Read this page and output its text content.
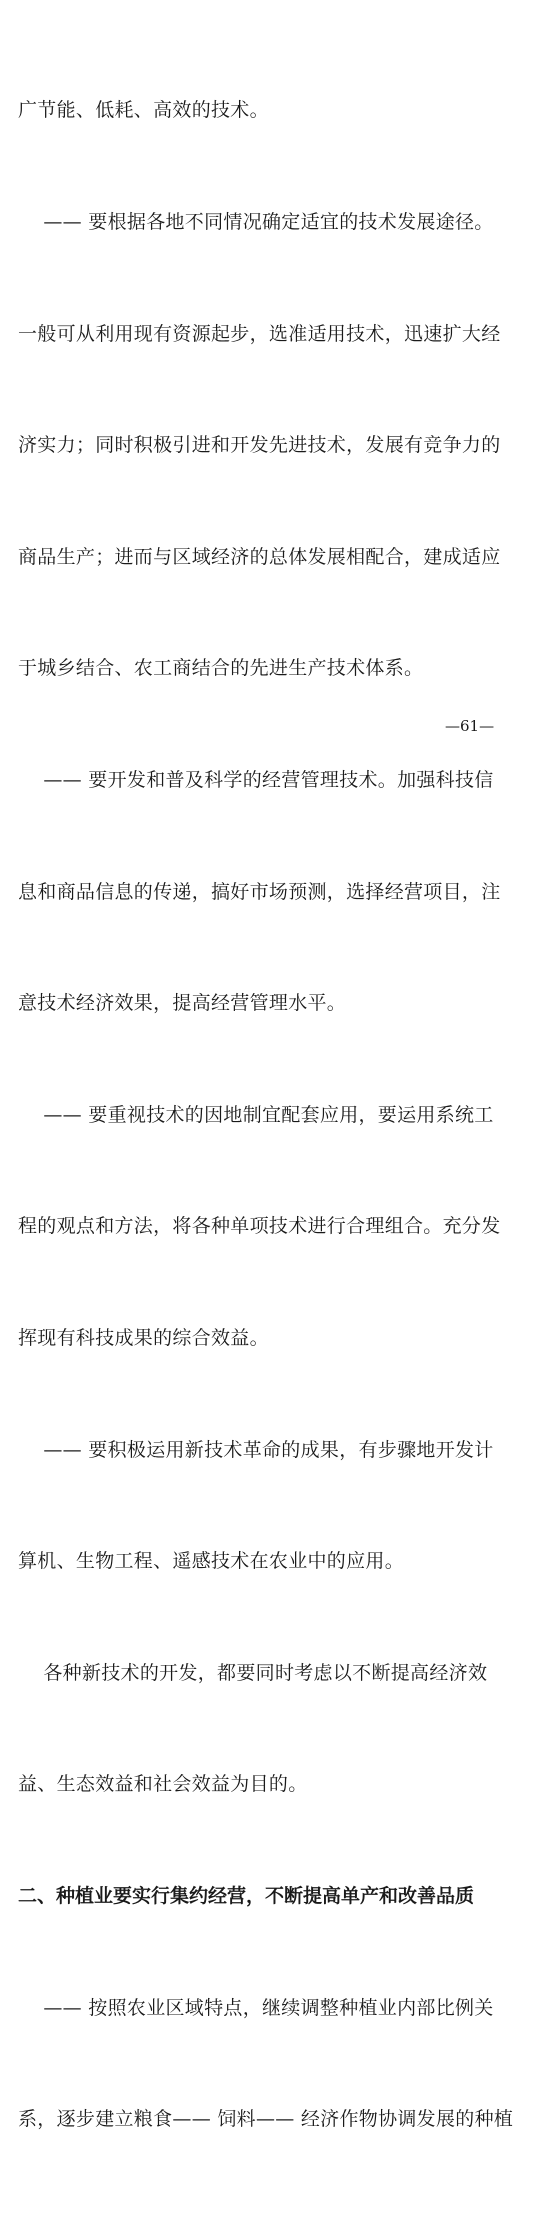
广节能、低耗、高效的技术。

—— 要根据各地不同情况确定适宜的技术发展途径。

一般可从利用现有资源起步，选准适用技术，迅速扩大经

济实力；同时积极引进和开发先进技术，发展有竞争力的

商品生产；进而与区域经济的总体发展相配合，建成适应

于城乡结合、农工商结合的先进生产技术体系。

—— 要开发和普及科学的经营管理技术。加强科技信

息和商品信息的传递，搞好市场预测，选择经营项目，注

意技术经济效果，提高经营管理水平。

—— 要重视技术的因地制宜配套应用，要运用系统工

程的观点和方法，将各种单项技术进行合理组合。充分发

挥现有科技成果的综合效益。

—— 要积极运用新技术革命的成果，有步骤地开发计

算机、生物工程、遥感技术在农业中的应用。

各种新技术的开发，都要同时考虑以不断提高经济效

益、生态效益和社会效益为目的。

二、种植业要实行集约经营，不断提高单产和改善品质

—— 按照农业区域特点，继续调整种植业内部比例关

系，逐步建立粮食—— 饲料—— 经济作物协调发展的种植

—61—
